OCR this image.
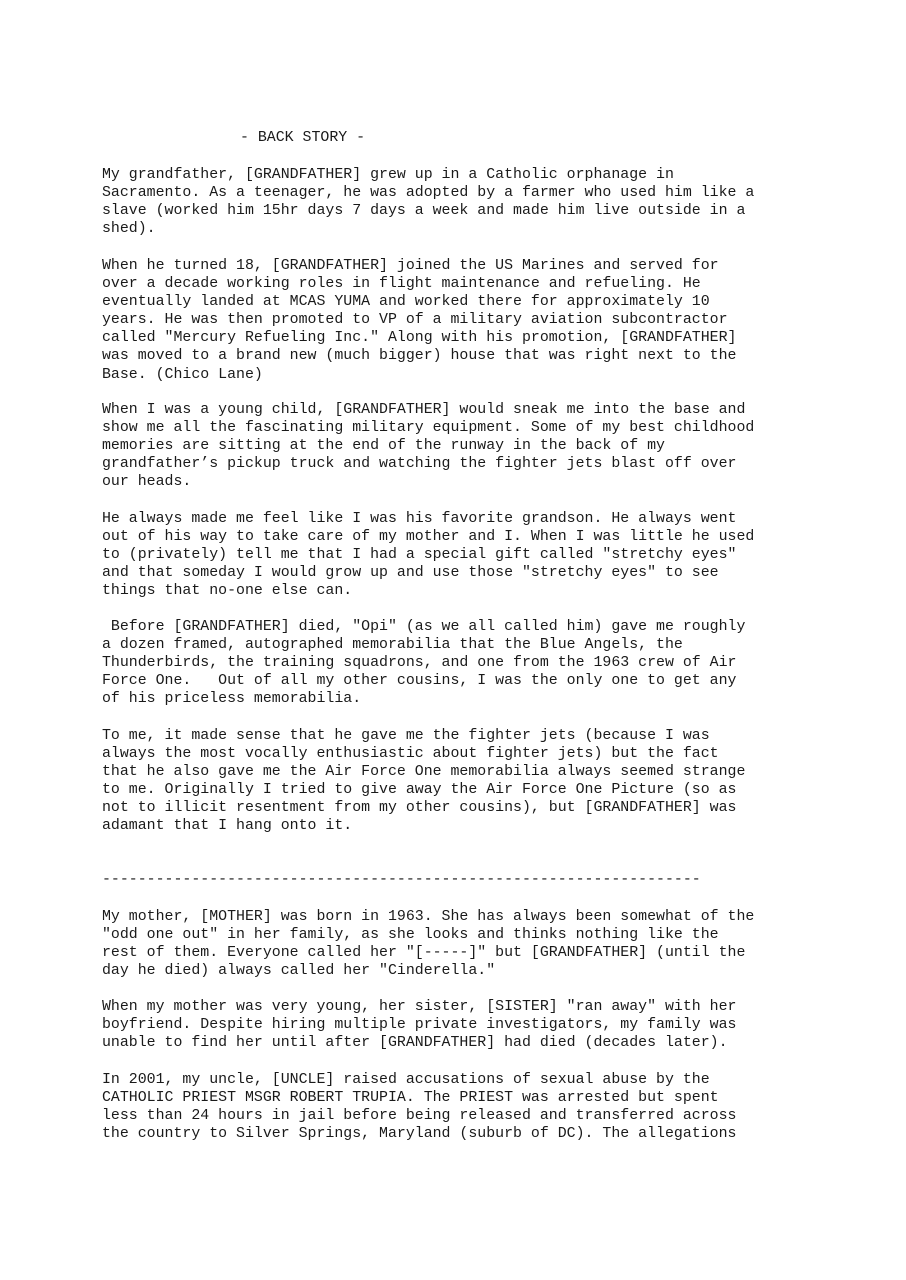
- BACK STORY -
My grandfather, [GRANDFATHER] grew up in a Catholic orphanage in
Sacramento. As a teenager, he was adopted by a farmer who used him like a
slave (worked him 15hr days 7 days a week and made him live outside in a
shed).
When he turned 18, [GRANDFATHER] joined the US Marines and served for
over a decade working roles in flight maintenance and refueling. He
eventually landed at MCAS YUMA and worked there for approximately 10
years. He was then promoted to VP of a military aviation subcontractor
called "Mercury Refueling Inc." Along with his promotion, [GRANDFATHER]
was moved to a brand new (much bigger) house that was right next to the
Base. (Chico Lane)
When I was a young child, [GRANDFATHER] would sneak me into the base and
show me all the fascinating military equipment. Some of my best childhood
memories are sitting at the end of the runway in the back of my
grandfather’s pickup truck and watching the fighter jets blast off over
our heads.
He always made me feel like I was his favorite grandson. He always went
out of his way to take care of my mother and I. When I was little he used
to (privately) tell me that I had a special gift called "stretchy eyes"
and that someday I would grow up and use those "stretchy eyes" to see
things that no-one else can.
Before [GRANDFATHER] died, "Opi" (as we all called him) gave me roughly
a dozen framed, autographed memorabilia that the Blue Angels, the
Thunderbirds, the training squadrons, and one from the 1963 crew of Air
Force One.   Out of all my other cousins, I was the only one to get any
of his priceless memorabilia.
To me, it made sense that he gave me the fighter jets (because I was
always the most vocally enthusiastic about fighter jets) but the fact
that he also gave me the Air Force One memorabilia always seemed strange
to me. Originally I tried to give away the Air Force One Picture (so as
not to illicit resentment from my other cousins), but [GRANDFATHER] was
adamant that I hang onto it.
-------------------------------------------------------------------
My mother, [MOTHER] was born in 1963. She has always been somewhat of the
"odd one out" in her family, as she looks and thinks nothing like the
rest of them. Everyone called her "[-----]" but [GRANDFATHER] (until the
day he died) always called her "Cinderella."
When my mother was very young, her sister, [SISTER] "ran away" with her
boyfriend. Despite hiring multiple private investigators, my family was
unable to find her until after [GRANDFATHER] had died (decades later).
In 2001, my uncle, [UNCLE] raised accusations of sexual abuse by the
CATHOLIC PRIEST MSGR ROBERT TRUPIA. The PRIEST was arrested but spent
less than 24 hours in jail before being released and transferred across
the country to Silver Springs, Maryland (suburb of DC). The allegations
